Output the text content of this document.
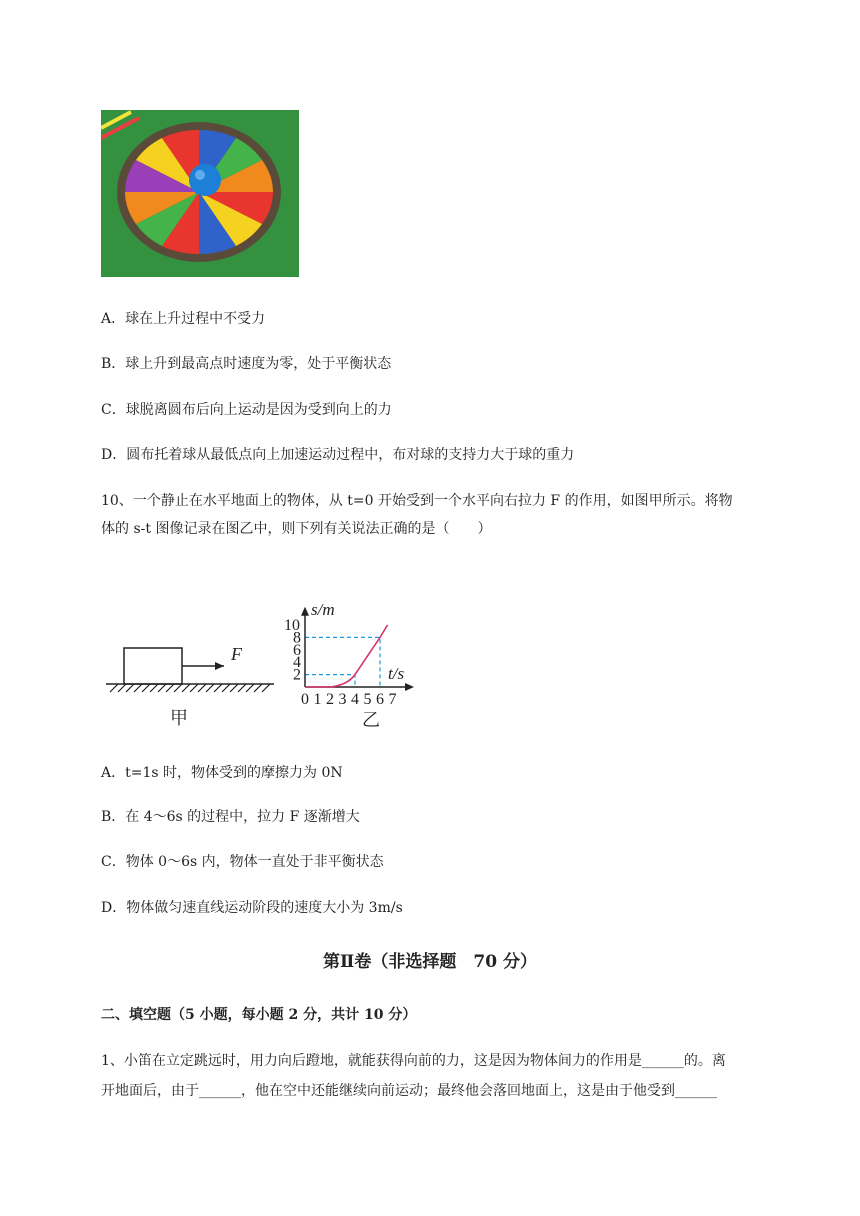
A．球在上升过程中不受力
B．球上升到最高点时速度为零，处于平衡状态
C．球脱离圆布后向上运动是因为受到向上的力
D．圆布托着球从最低点向上加速运动过程中，布对球的支持力大于球的重力
10、一个静止在水平地面上的物体，从 t=0 开始受到一个水平向右拉力 F 的作用，如图甲所示。将物
体的 s-t 图像记录在图乙中，则下列有关说法正确的是（　　）
F
甲
0 1 2 3 4 5 6 7
2
4
6
8
10
s/m
t/s
乙
A．t=1s 时，物体受到的摩擦力为 0N
B．在 4～6s 的过程中，拉力 F 逐渐增大
C．物体 0～6s 内，物体一直处于非平衡状态
D．物体做匀速直线运动阶段的速度大小为 3m/s
第Ⅱ卷（非选择题　70 分）
二、填空题（5 小题，每小题 2 分，共计 10 分）
1、小笛在立定跳远时，用力向后蹬地，就能获得向前的力，这是因为物体间力的作用是______的。离
开地面后，由于______，他在空中还能继续向前运动；最终他会落回地面上，这是由于他受到______
